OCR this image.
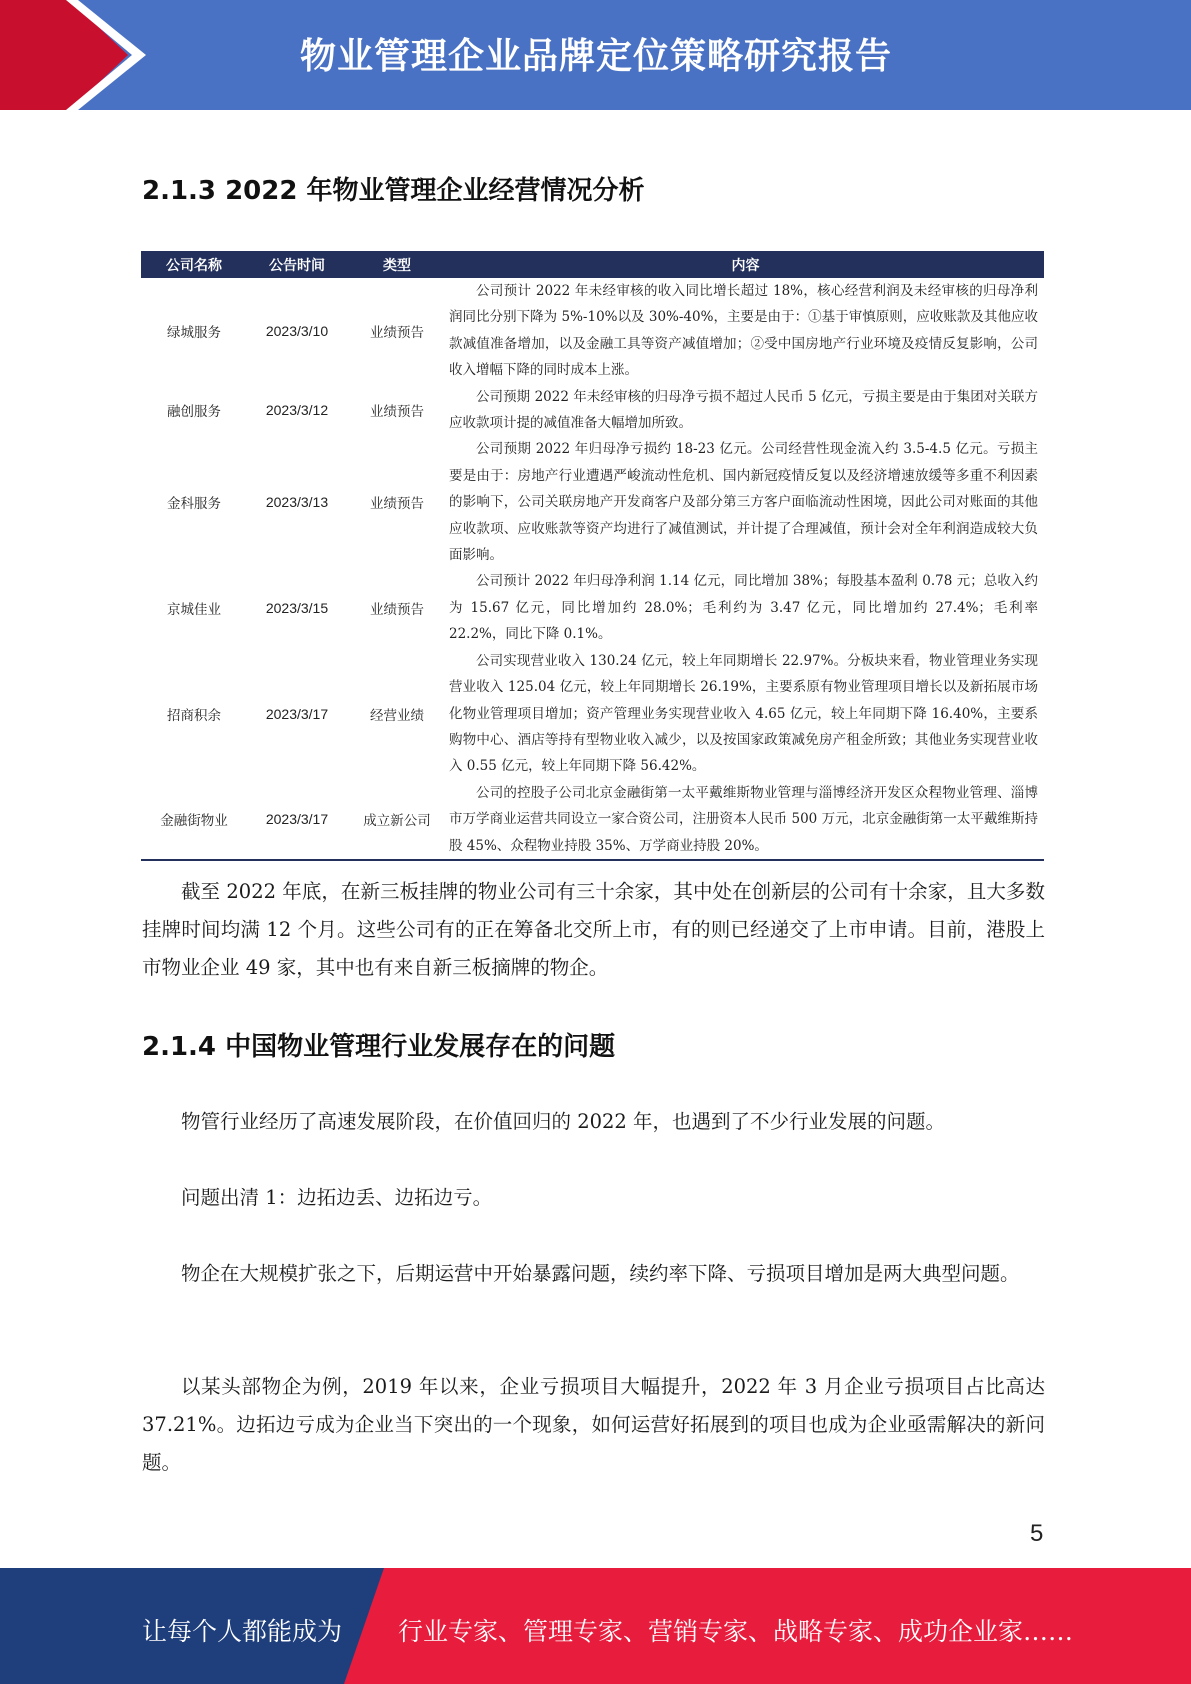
物业管理企业品牌定位策略研究报告
2.1.3 2022 年物业管理企业经营情况分析
公司名称	公告时间	类型	内容
绿城服务	2023/3/10	业绩预告	公司预计 2022 年未经审核的收入同比增长超过 18%，核心经营利润及未经审核的归母净利润同比分别下降为 5%-10%以及 30%-40%，主要是由于：①基于审慎原则，应收账款及其他应收款减值准备增加，以及金融工具等资产减值增加；②受中国房地产行业环境及疫情反复影响，公司收入增幅下降的同时成本上涨。
融创服务	2023/3/12	业绩预告	公司预期 2022 年未经审核的归母净亏损不超过人民币 5 亿元，亏损主要是由于集团对关联方应收款项计提的减值准备大幅增加所致。
金科服务	2023/3/13	业绩预告	公司预期 2022 年归母净亏损约 18-23 亿元。公司经营性现金流入约 3.5-4.5 亿元。亏损主要是由于：房地产行业遭遇严峻流动性危机、国内新冠疫情反复以及经济增速放缓等多重不利因素的影响下，公司关联房地产开发商客户及部分第三方客户面临流动性困境，因此公司对账面的其他应收款项、应收账款等资产均进行了减值测试，并计提了合理减值，预计会对全年利润造成较大负面影响。
京城佳业	2023/3/15	业绩预告	公司预计 2022 年归母净利润 1.14 亿元，同比增加 38%；每股基本盈利 0.78 元；总收入约为 15.67 亿元，同比增加约 28.0%；毛利约为 3.47 亿元，同比增加约 27.4%；毛利率 22.2%，同比下降 0.1%。
招商积余	2023/3/17	经营业绩	公司实现营业收入 130.24 亿元，较上年同期增长 22.97%。分板块来看，物业管理业务实现营业收入 125.04 亿元，较上年同期增长 26.19%，主要系原有物业管理项目增长以及新拓展市场化物业管理项目增加；资产管理业务实现营业收入 4.65 亿元，较上年同期下降 16.40%，主要系购物中心、酒店等持有型物业收入减少，以及按国家政策减免房产租金所致；其他业务实现营业收入 0.55 亿元，较上年同期下降 56.42%。
金融街物业	2023/3/17	成立新公司	公司的控股子公司北京金融街第一太平戴维斯物业管理与淄博经济开发区众程物业管理、淄博市万学商业运营共同设立一家合资公司，注册资本人民币 500 万元，北京金融街第一太平戴维斯持股 45%、众程物业持股 35%、万学商业持股 20%。
截至 2022 年底，在新三板挂牌的物业公司有三十余家，其中处在创新层的公司有十余家，且大多数挂牌时间均满 12 个月。这些公司有的正在筹备北交所上市，有的则已经递交了上市申请。目前，港股上市物业企业 49 家，其中也有来自新三板摘牌的物企。
2.1.4 中国物业管理行业发展存在的问题
物管行业经历了高速发展阶段，在价值回归的 2022 年，也遇到了不少行业发展的问题。
问题出清 1：边拓边丢、边拓边亏。
物企在大规模扩张之下，后期运营中开始暴露问题，续约率下降、亏损项目增加是两大典型问题。
以某头部物企为例，2019 年以来，企业亏损项目大幅提升，2022 年 3 月企业亏损项目占比高达 37.21%。边拓边亏成为企业当下突出的一个现象，如何运营好拓展到的项目也成为企业亟需解决的新问题。
5
让每个人都能成为 行业专家、管理专家、营销专家、战略专家、成功企业家……
